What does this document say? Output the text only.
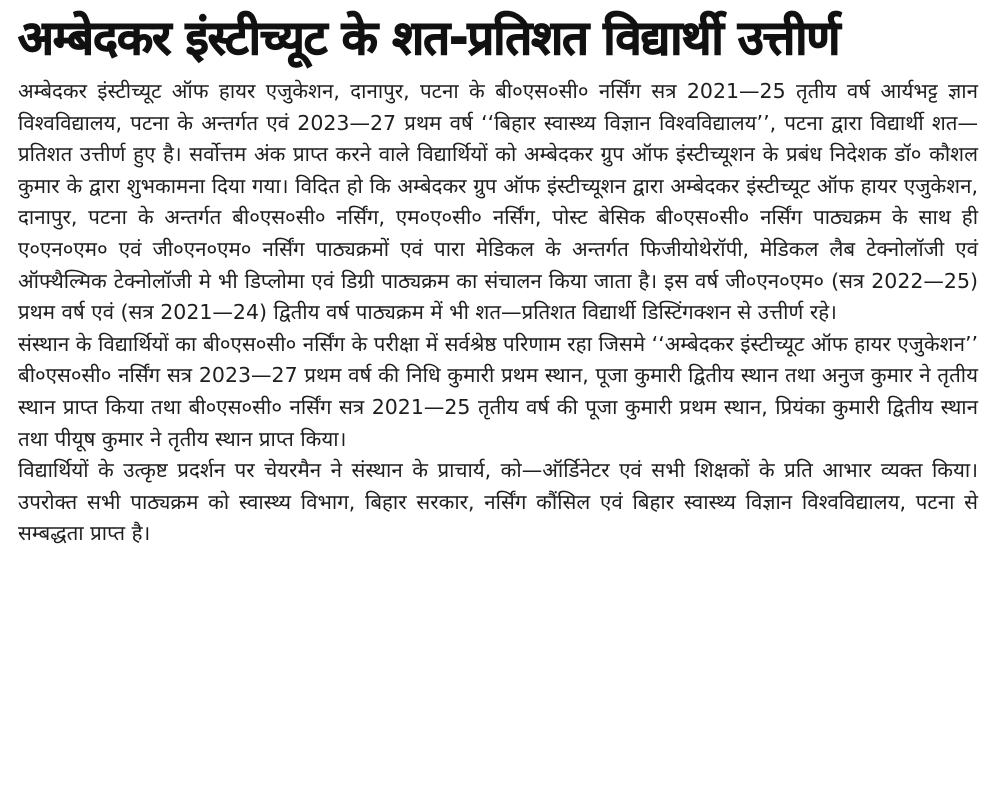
अम्बेदकर इंस्टीच्यूट के शत-प्रतिशत विद्यार्थी उत्तीर्ण

अम्बेदकर इंस्टीच्यूट ऑफ हायर एजुकेशन, दानापुर, पटना के बी०एस०सी० नर्सिंग सत्र 2021—25 तृतीय वर्ष आर्यभट्ट ज्ञान विश्वविद्यालय, पटना के अन्तर्गत एवं 2023—27 प्रथम वर्ष ‘‘बिहार स्वास्थ्य विज्ञान विश्वविद्यालय’’, पटना द्वारा विद्यार्थी शत—प्रतिशत उत्तीर्ण हुए है। सर्वोत्तम अंक प्राप्त करने वाले विद्यार्थियों को अम्बेदकर ग्रुप ऑफ इंस्टीच्यूशन के प्रबंध निदेशक डॉ० कौशल कुमार के द्वारा शुभकामना दिया गया। विदित हो कि अम्बेदकर ग्रुप ऑफ इंस्टीच्यूशन द्वारा अम्बेदकर इंस्टीच्यूट ऑफ हायर एजुकेशन, दानापुर, पटना के अन्तर्गत बी०एस०सी० नर्सिंग, एम०ए०सी० नर्सिंग, पोस्ट बेसिक बी०एस०सी० नर्सिंग पाठ्यक्रम के साथ ही ए०एन०एम० एवं जी०एन०एम० नर्सिंग पाठ्यक्रमों एवं पारा मेडिकल के अन्तर्गत फिजीयोथेरॉपी, मेडिकल लैब टेक्नोलॉजी एवं ऑफ्थैल्मिक टेक्नोलॉजी मे भी डिप्लोमा एवं डिग्री पाठ्यक्रम का संचालन किया जाता है। इस वर्ष जी०एन०एम० (सत्र 2022—25) प्रथम वर्ष एवं (सत्र 2021—24) द्वितीय वर्ष पाठ्यक्रम में भी शत—प्रतिशत विद्यार्थी डिस्टिंगक्शन से उत्तीर्ण रहे।

संस्थान के विद्यार्थियों का बी०एस०सी० नर्सिंग के परीक्षा में सर्वश्रेष्ठ परिणाम रहा जिसमे ‘‘अम्बेदकर इंस्टीच्यूट ऑफ हायर एजुकेशन’’ बी०एस०सी० नर्सिंग सत्र 2023—27 प्रथम वर्ष की निधि कुमारी प्रथम स्थान, पूजा कुमारी द्वितीय स्थान तथा अनुज कुमार ने तृतीय स्थान प्राप्त किया तथा बी०एस०सी० नर्सिंग सत्र 2021—25 तृतीय वर्ष की पूजा कुमारी प्रथम स्थान, प्रियंका कुमारी द्वितीय स्थान तथा पीयूष कुमार ने तृतीय स्थान प्राप्त किया।

विद्यार्थियों के उत्कृष्ट प्रदर्शन पर चेयरमैन ने संस्थान के प्राचार्य, को—ऑर्डिनेटर एवं सभी शिक्षकों के प्रति आभार व्यक्त किया। उपरोक्त सभी पाठ्यक्रम को स्वास्थ्य विभाग, बिहार सरकार, नर्सिंग कौंसिल एवं बिहार स्वास्थ्य विज्ञान विश्वविद्यालय, पटना से सम्बद्धता प्राप्त है।
